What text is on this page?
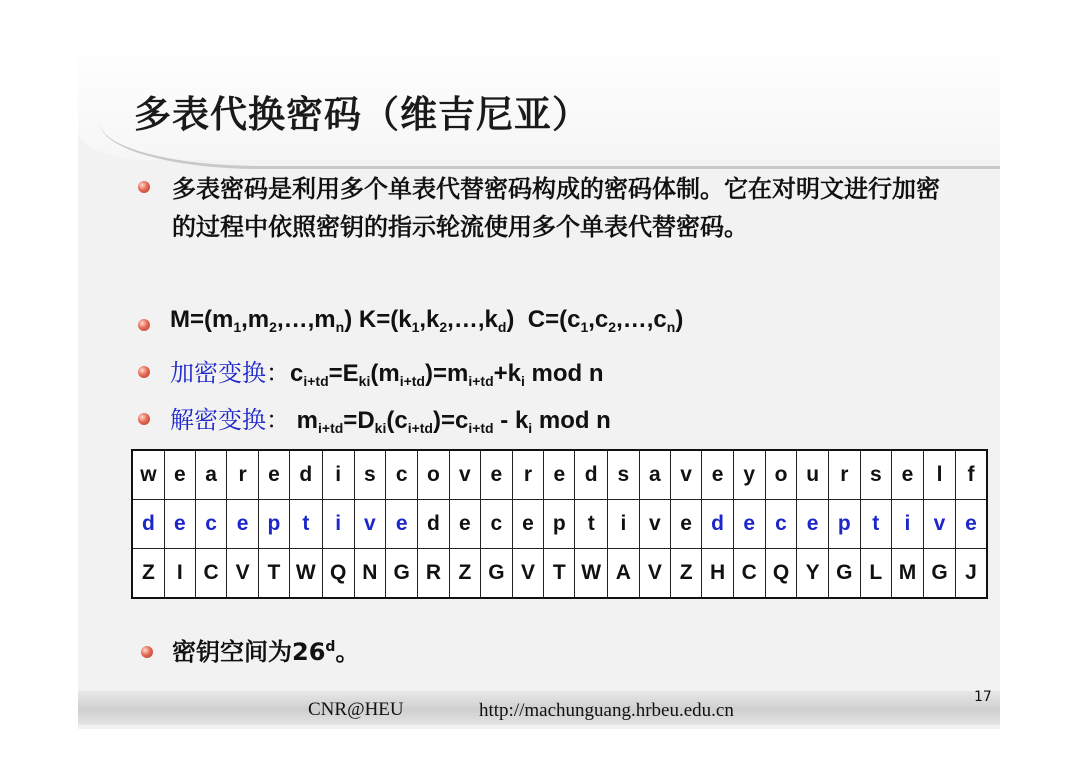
多表代换密码（维吉尼亚）
多表密码是利用多个单表代替密码构成的密码体制。它在对明文进行加密的过程中依照密钥的指示轮流使用多个单表代替密码。
$M=(m_1,m_2,\dots,m_n)$ $K=(k_1,k_2,\dots,k_d)$ $C=(c_1,c_2,\dots,c_n)$
加密变换：$c_{i+td}=E_{ki}(m_{i+td})=m_{i+td}+k_i$ mod n
解密变换： $m_{i+td}=D_{ki}(c_{i+td})=c_{i+td} - k_i$ mod n
w	e	a	r	e	d	i	s	c	o	v	e	r	e	d	s	a	v	e	y	o	u	r	s	e	l	f
d	e	c	e	p	t	i	v	e	d	e	c	e	p	t	i	v	e	d	e	c	e	p	t	i	v	e
Z	I	C	V	T	W	Q	N	G	R	Z	G	V	T	W	A	V	Z	H	C	Q	Y	G	L	M	G	J
密钥空间为26$^d$。
CNR@HEU	http://machunguang.hrbeu.edu.cn
17
